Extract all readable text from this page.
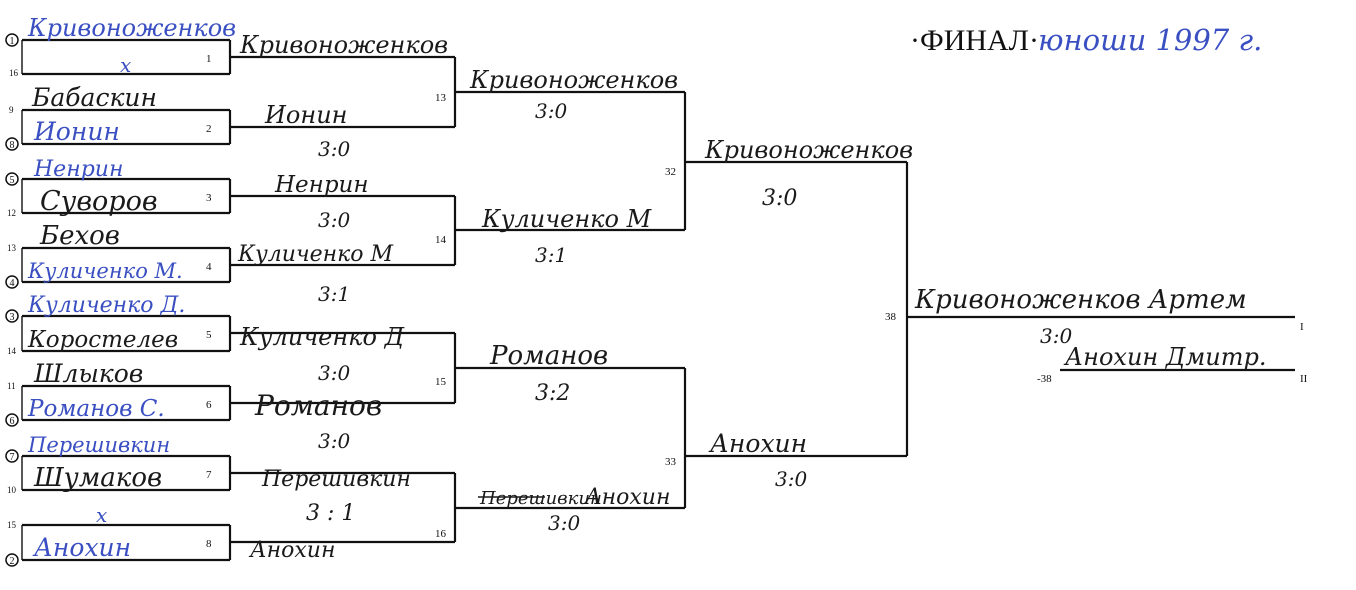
·ФИНАЛ·
юноши 1997 г.
1
8
5
4
3
6
7
2
16
9
12
13
14
11
10
15
Кривоноженков
x
Бабаскин
Ионин
Ненрин
Суворов
Бехов
Куличенко М.
Куличенко Д.
Коростелев
Шлыков
Романов С.
Перешивкин
Шумаков
x
Анохин
1
2
3
4
5
6
7
8
Кривоноженков
Ионин
3:0
Ненрин
3:0
Куличенко М
3:1
Куличенко Д
3:0
Романов
3:0
Перешивкин
3 : 1
Анохин
13
14
15
16
Кривоноженков
3:0
Куличенко М
3:1
Романов
3:2
Перешивкин
Анохин
3:0
32
33
Кривоноженков
3:0
Анохин
3:0
38
Кривоноженков Артем
I
3:0
Анохин Дмитр.
-38	II
